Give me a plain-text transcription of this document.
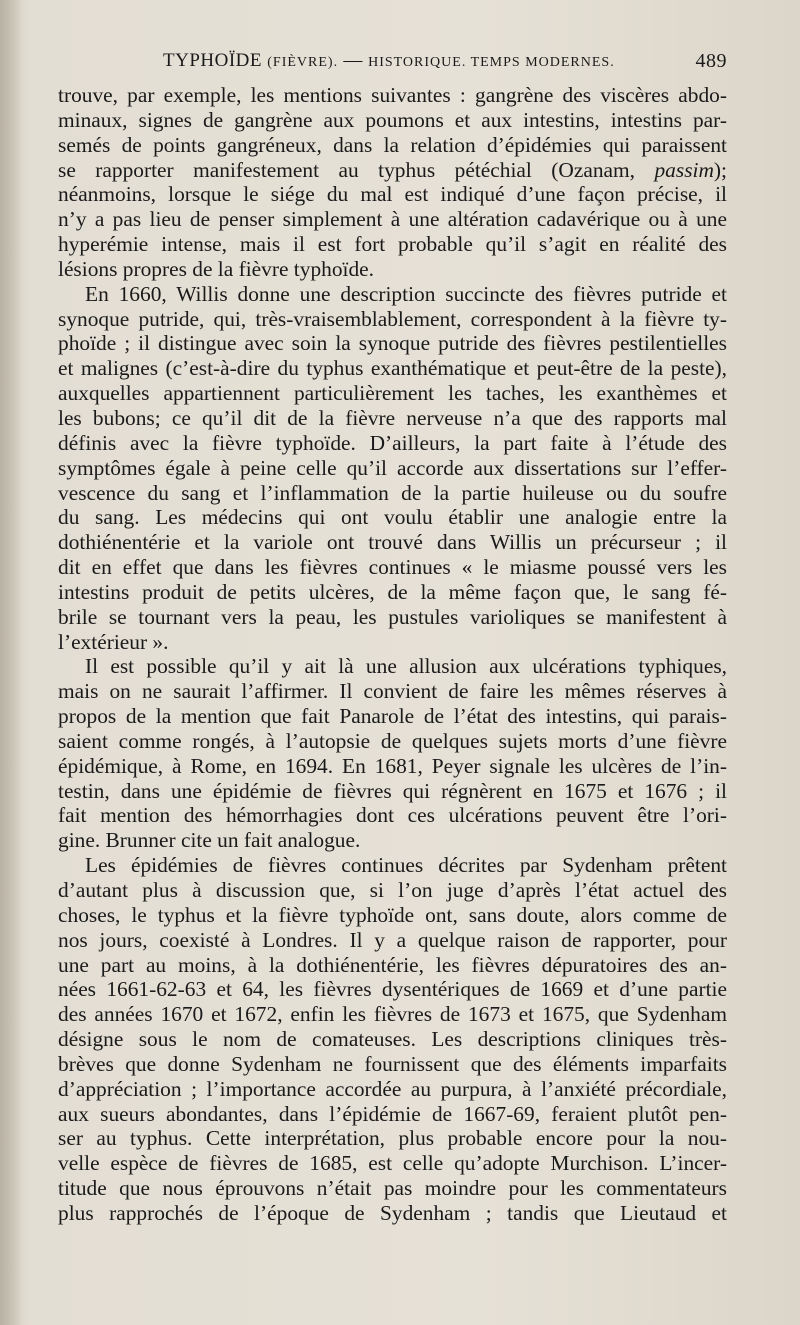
TYPHOÏDE (FIÈVRE). — HISTORIQUE. TEMPS MODERNES.	489
trouve, par exemple, les mentions suivantes : gangrène des viscères abdo-
minaux, signes de gangrène aux poumons et aux intestins, intestins par-
semés de points gangréneux, dans la relation d’épidémies qui paraissent
se rapporter manifestement au typhus pétéchial (Ozanam, passim);
néanmoins, lorsque le siége du mal est indiqué d’une façon précise, il
n’y a pas lieu de penser simplement à une altération cadavérique ou à une
hyperémie intense, mais il est fort probable qu’il s’agit en réalité des
lésions propres de la fièvre typhoïde.
En 1660, Willis donne une description succincte des fièvres putride et
synoque putride, qui, très-vraisemblablement, correspondent à la fièvre ty-
phoïde ; il distingue avec soin la synoque putride des fièvres pestilentielles
et malignes (c’est-à-dire du typhus exanthématique et peut-être de la peste),
auxquelles appartiennent particulièrement les taches, les exanthèmes et
les bubons; ce qu’il dit de la fièvre nerveuse n’a que des rapports mal
définis avec la fièvre typhoïde. D’ailleurs, la part faite à l’étude des
symptômes égale à peine celle qu’il accorde aux dissertations sur l’effer-
vescence du sang et l’inflammation de la partie huileuse ou du soufre
du sang. Les médecins qui ont voulu établir une analogie entre la
dothiénentérie et la variole ont trouvé dans Willis un précurseur ; il
dit en effet que dans les fièvres continues « le miasme poussé vers les
intestins produit de petits ulcères, de la même façon que, le sang fé-
brile se tournant vers la peau, les pustules varioliques se manifestent à
l’extérieur ».
Il est possible qu’il y ait là une allusion aux ulcérations typhiques,
mais on ne saurait l’affirmer. Il convient de faire les mêmes réserves à
propos de la mention que fait Panarole de l’état des intestins, qui parais-
saient comme rongés, à l’autopsie de quelques sujets morts d’une fièvre
épidémique, à Rome, en 1694. En 1681, Peyer signale les ulcères de l’in-
testin, dans une épidémie de fièvres qui régnèrent en 1675 et 1676 ; il
fait mention des hémorrhagies dont ces ulcérations peuvent être l’ori-
gine. Brunner cite un fait analogue.
Les épidémies de fièvres continues décrites par Sydenham prêtent
d’autant plus à discussion que, si l’on juge d’après l’état actuel des
choses, le typhus et la fièvre typhoïde ont, sans doute, alors comme de
nos jours, coexisté à Londres. Il y a quelque raison de rapporter, pour
une part au moins, à la dothiénentérie, les fièvres dépuratoires des an-
nées 1661-62-63 et 64, les fièvres dysentériques de 1669 et d’une partie
des années 1670 et 1672, enfin les fièvres de 1673 et 1675, que Sydenham
désigne sous le nom de comateuses. Les descriptions cliniques très-
brèves que donne Sydenham ne fournissent que des éléments imparfaits
d’appréciation ; l’importance accordée au purpura, à l’anxiété précordiale,
aux sueurs abondantes, dans l’épidémie de 1667-69, feraient plutôt pen-
ser au typhus. Cette interprétation, plus probable encore pour la nou-
velle espèce de fièvres de 1685, est celle qu’adopte Murchison. L’incer-
titude que nous éprouvons n’était pas moindre pour les commentateurs
plus rapprochés de l’époque de Sydenham ; tandis que Lieutaud et
